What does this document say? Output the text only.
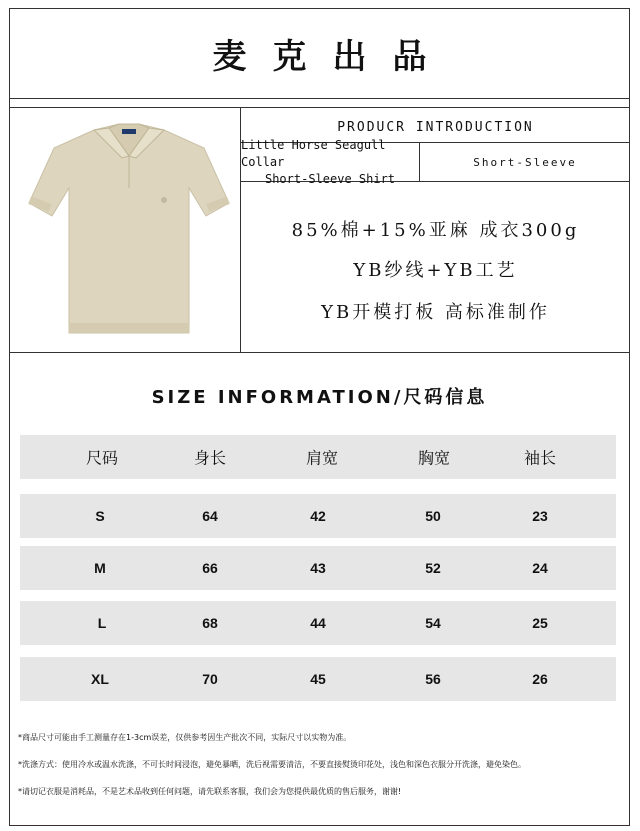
麦克出品
PRODUCR INTRODUCTION
Little Horse Seagull Collar
Short-Sleeve Shirt
Short-Sleeve
85%棉+15%亚麻 成衣300g
YB纱线+YB工艺
YB开模打板 高标准制作
SIZE INFORMATION/尺码信息
尺码	身长	肩宽	胸宽	袖长
S	64	42	50	23
M	66	43	52	24
L	68	44	54	25
XL	70	45	56	26
*商品尺寸可能由手工测量存在1-3cm误差，仅供参考因生产批次不同，实际尺寸以实物为准。
*洗涤方式：使用冷水或温水洗涤，不可长时间浸泡，避免暴晒，洗后视需要清洁，不要直接熨烫印花处，浅色和深色衣服分开洗涤，避免染色。
*请切记衣服是消耗品，不是艺术品收到任何问题，请先联系客服，我们会为您提供最优质的售后服务，谢谢!
